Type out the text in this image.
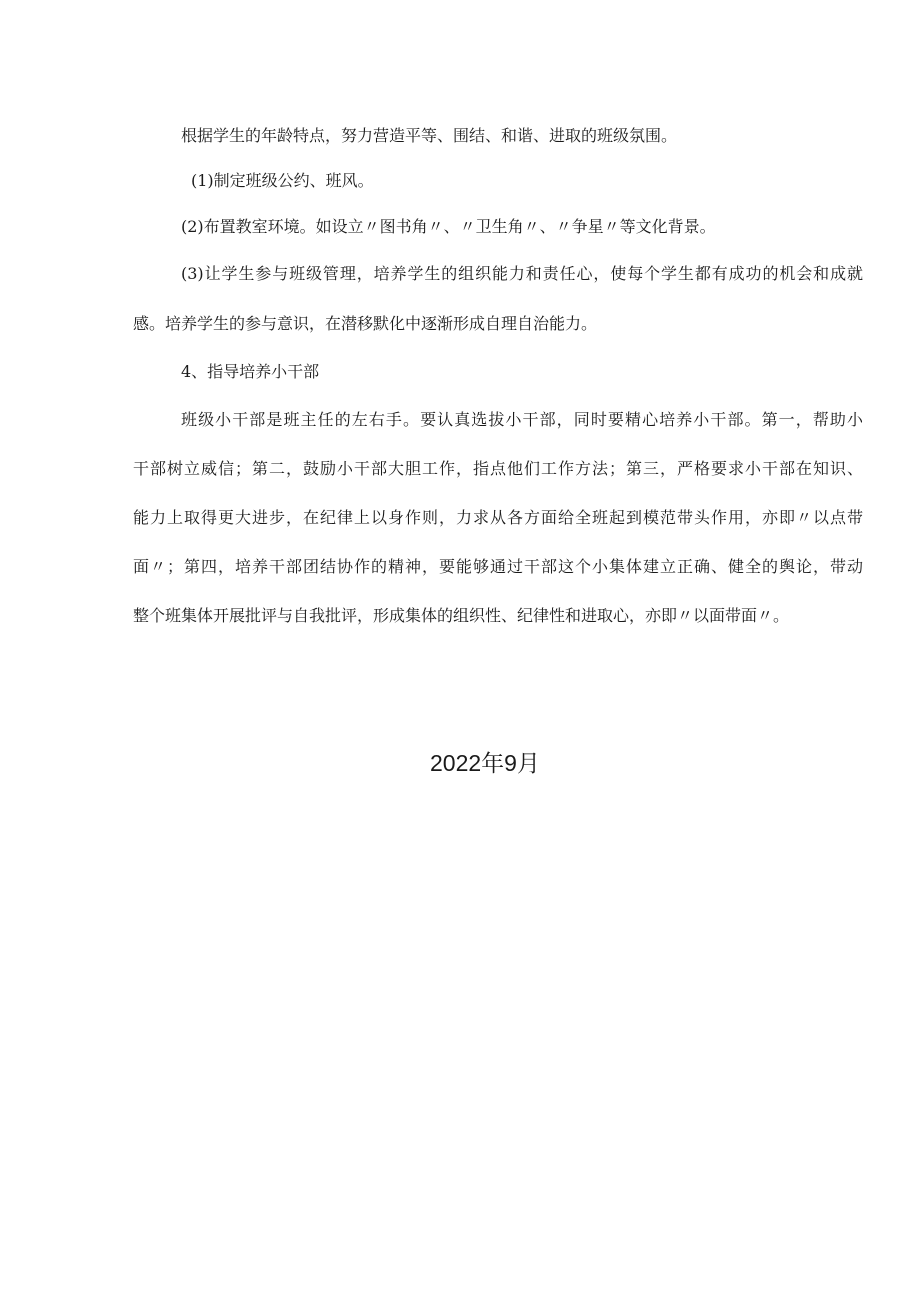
根据学生的年龄特点，努力营造平等、围结、和谐、进取的班级氛围。
(1)制定班级公约、班风。
(2)布置教室环境。如设立〃图书角〃、〃卫生角〃、〃争星〃等文化背景。
(3)让学生参与班级管理，培养学生的组织能力和责任心，使每个学生都有成功的机会和成就
感。培养学生的参与意识，在潜移默化中逐渐形成自理自治能力。
4、指导培养小干部
班级小干部是班主任的左右手。要认真选拔小干部，同时要精心培养小干部。第一，帮助小
干部树立威信；第二，鼓励小干部大胆工作，指点他们工作方法；第三，严格要求小干部在知识、
能力上取得更大进步，在纪律上以身作则，力求从各方面给全班起到模范带头作用，亦即〃以点带
面〃；第四，培养干部团结协作的精神，要能够通过干部这个小集体建立正确、健全的舆论，带动
整个班集体开展批评与自我批评，形成集体的组织性、纪律性和进取心，亦即〃以面带面〃。
2022年9月
